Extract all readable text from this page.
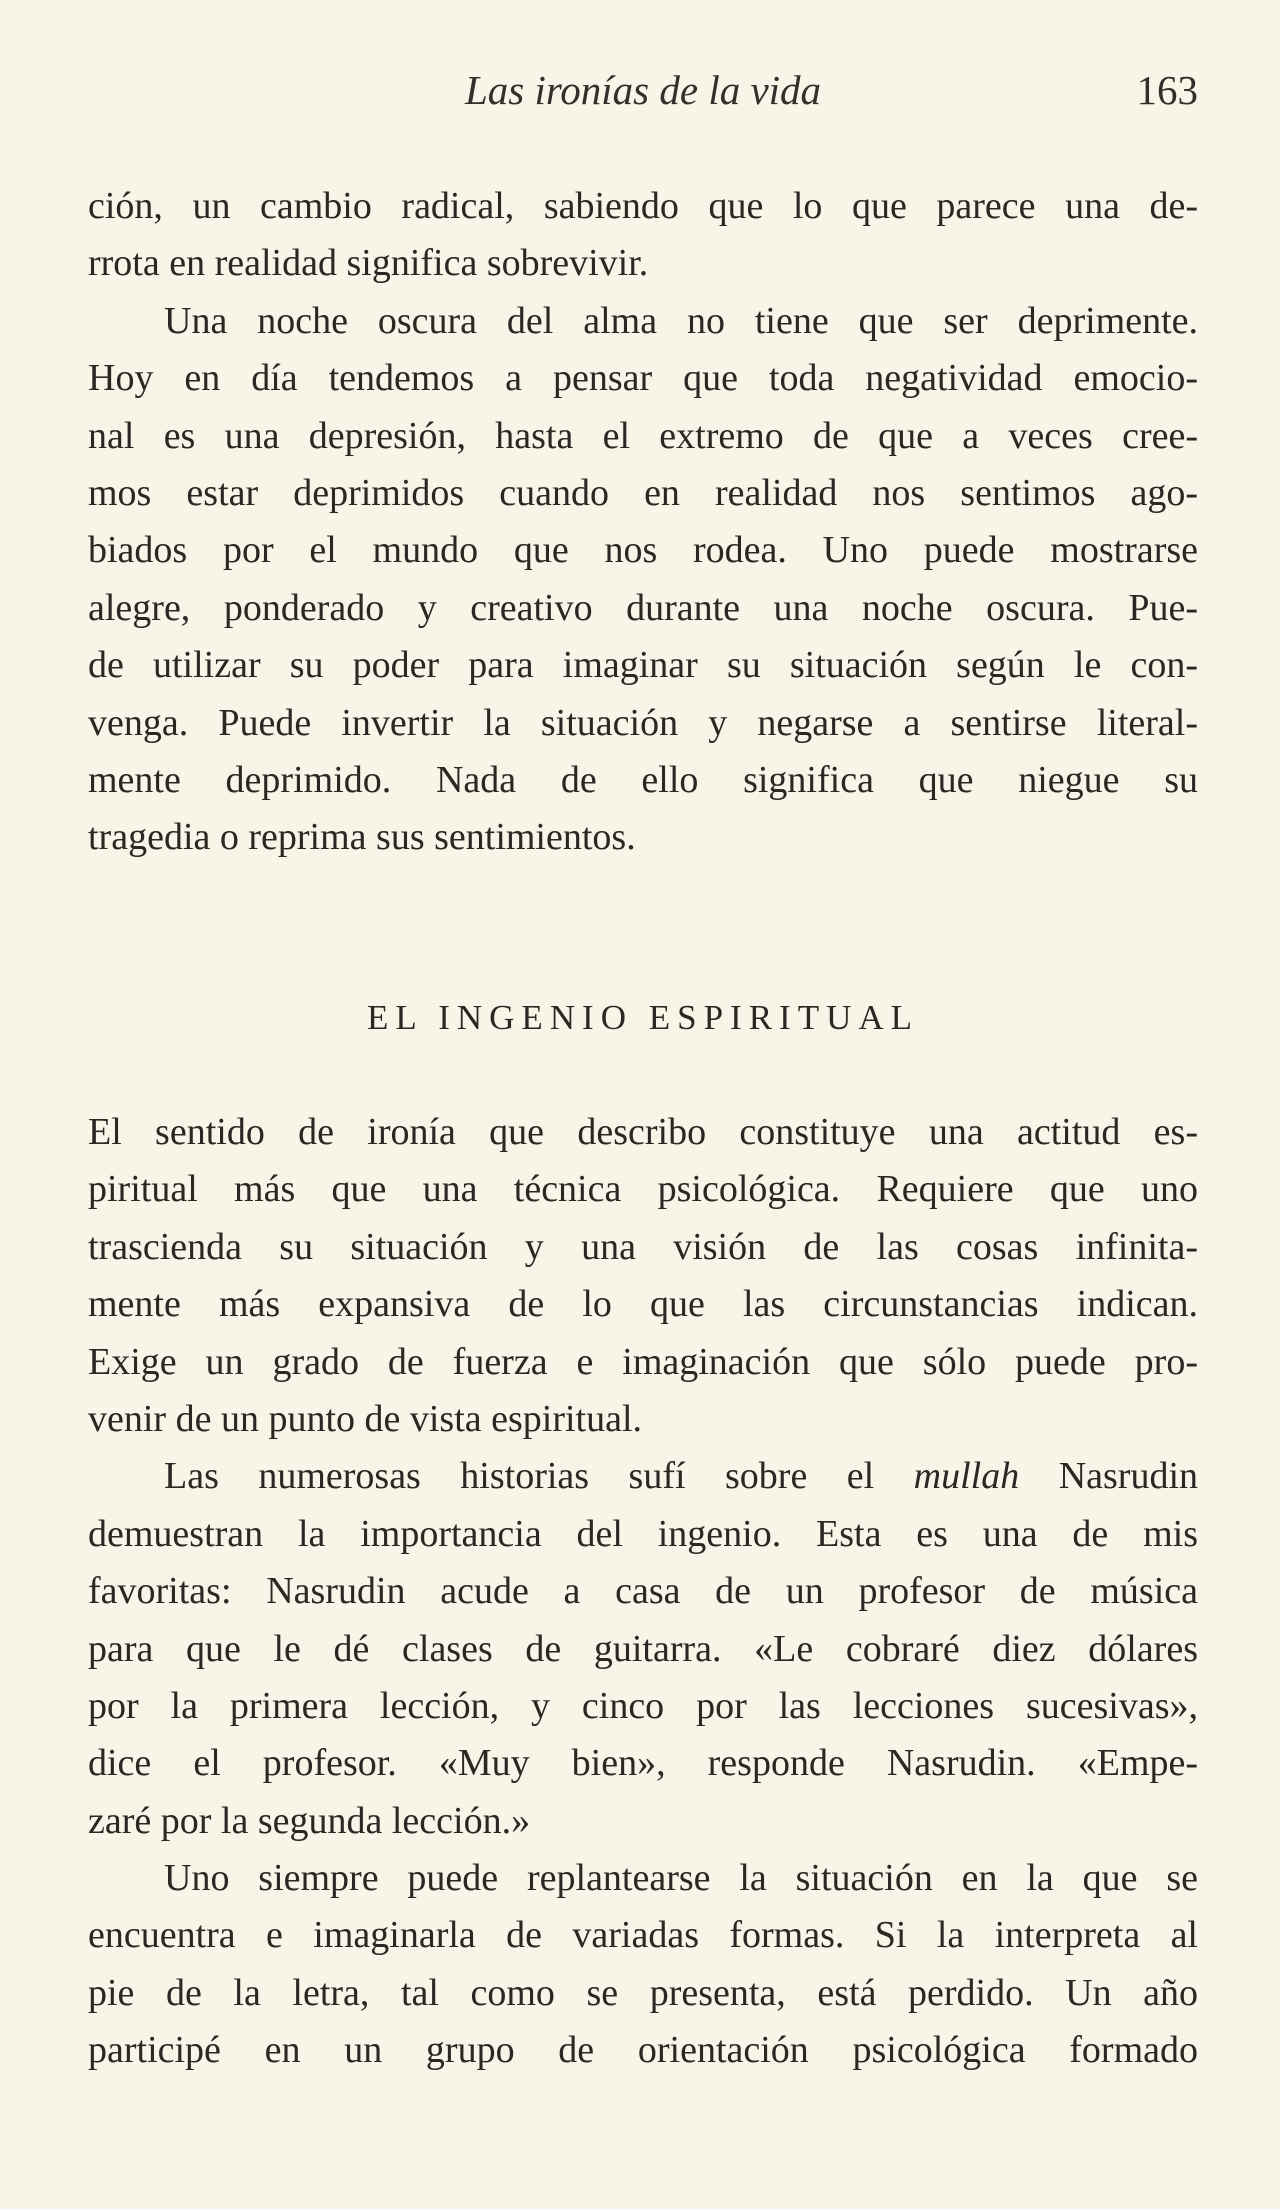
Las ironías de la vida	163
ción, un cambio radical, sabiendo que lo que parece una de-
rrota en realidad significa sobrevivir.
Una noche oscura del alma no tiene que ser deprimente.
Hoy en día tendemos a pensar que toda negatividad emocio-
nal es una depresión, hasta el extremo de que a veces cree-
mos estar deprimidos cuando en realidad nos sentimos ago-
biados por el mundo que nos rodea. Uno puede mostrarse
alegre, ponderado y creativo durante una noche oscura. Pue-
de utilizar su poder para imaginar su situación según le con-
venga. Puede invertir la situación y negarse a sentirse literal-
mente deprimido. Nada de ello significa que niegue su
tragedia o reprima sus sentimientos.
EL INGENIO ESPIRITUAL
El sentido de ironía que describo constituye una actitud es-
piritual más que una técnica psicológica. Requiere que uno
trascienda su situación y una visión de las cosas infinita-
mente más expansiva de lo que las circunstancias indican.
Exige un grado de fuerza e imaginación que sólo puede pro-
venir de un punto de vista espiritual.
Las numerosas historias sufí sobre el mullah Nasrudin
demuestran la importancia del ingenio. Esta es una de mis
favoritas: Nasrudin acude a casa de un profesor de música
para que le dé clases de guitarra. «Le cobraré diez dólares
por la primera lección, y cinco por las lecciones sucesivas»,
dice el profesor. «Muy bien», responde Nasrudin. «Empe-
zaré por la segunda lección.»
Uno siempre puede replantearse la situación en la que se
encuentra e imaginarla de variadas formas. Si la interpreta al
pie de la letra, tal como se presenta, está perdido. Un año
participé en un grupo de orientación psicológica formado
